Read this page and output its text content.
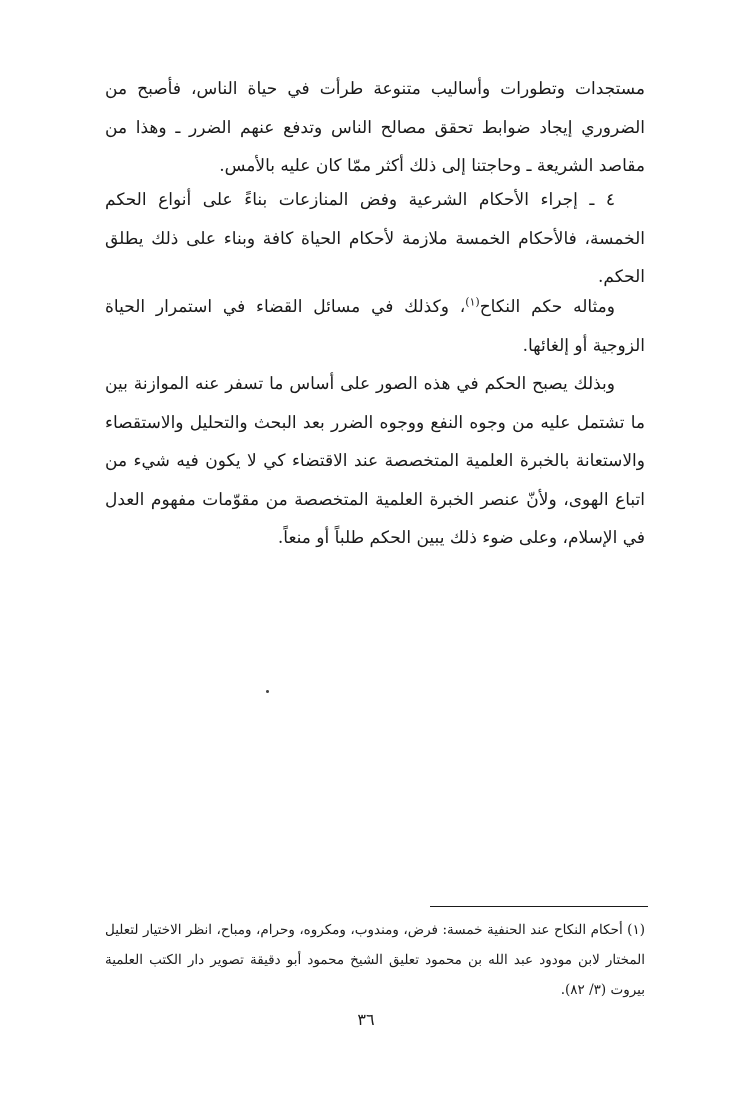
مستجدات وتطورات وأساليب متنوعة طرأت في حياة الناس، فأصبح من الضروري إيجاد ضوابط تحقق مصالح الناس وتدفع عنهم الضرر ـ وهذا من مقاصد الشريعة ـ وحاجتنا إلى ذلك أكثر ممّا كان عليه بالأمس.

٤ ـ إجراء الأحكام الشرعية وفض المنازعات بناءً على أنواع الحكم الخمسة، فالأحكام الخمسة ملازمة لأحكام الحياة كافة وبناء على ذلك يطلق الحكم.

ومثاله حكم النكاح$^{(١)}$، وكذلك في مسائل القضاء في استمرار الحياة الزوجية أو إلغائها.

وبذلك يصبح الحكم في هذه الصور على أساس ما تسفر عنه الموازنة بين ما تشتمل عليه من وجوه النفع ووجوه الضرر بعد البحث والتحليل والاستقصاء والاستعانة بالخبرة العلمية المتخصصة عند الاقتضاء كي لا يكون فيه شيء من اتباع الهوى، ولأنّ عنصر الخبرة العلمية المتخصصة من مقوّمات مفهوم العدل في الإسلام، وعلى ضوء ذلك يبين الحكم طلباً أو منعاً.

(١) أحكام النكاح عند الحنفية خمسة: فرض، ومندوب، ومكروه، وحرام، ومباح، انظر الاختيار لتعليل المختار لابن مودود عبد الله بن محمود تعليق الشيخ محمود أبو دقيقة تصوير دار الكتب العلمية بيروت (٣/ ٨٢).

٣٦
